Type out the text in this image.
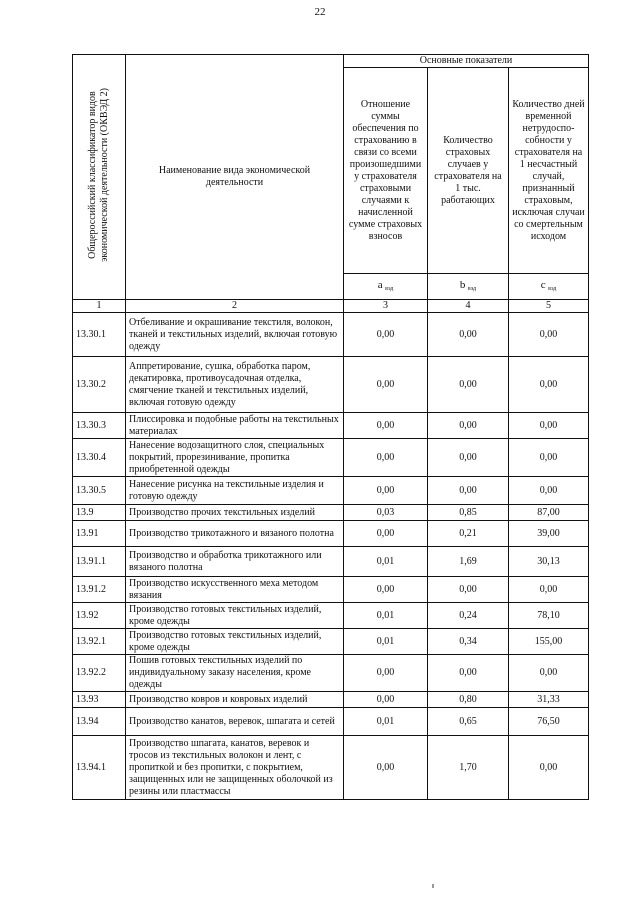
22
Общероссийский классификатор видов
экономической деятельности (ОКВЭД 2)	Наименование вида экономической деятельности	Основные показатели		
		Отношение суммы обеспечения по страхованию в связи со всеми произошедшими у страхователя страховыми случаями к начисленной сумме страховых взносов	Количество страховых случаев у страхователя на 1 тыс. работающих	Количество дней временной нетрудоспо-собности у страхователя на 1 несчастный случай, признанный страховым, исключая случаи со смертельным исходом
		a $_{вэд}$	b $_{вэд}$	c $_{вэд}$
1	2	3	4	5
13.30.1	Отбеливание и окрашивание текстиля, волокон, тканей и текстильных изделий, включая готовую одежду	0,00	0,00	0,00
13.30.2	Аппретирование, сушка, обработка паром, декатировка, противоусадочная отделка, смягчение тканей и текстильных изделий, включая готовую одежду	0,00	0,00	0,00
13.30.3	Плиссировка и подобные работы на текстильных материалах	0,00	0,00	0,00
13.30.4	Нанесение водозащитного слоя, специальных покрытий, прорезинивание, пропитка приобретенной одежды	0,00	0,00	0,00
13.30.5	Нанесение рисунка на текстильные изделия и готовую одежду	0,00	0,00	0,00
13.9	Производство прочих текстильных изделий	0,03	0,85	87,00
13.91	Производство трикотажного и вязаного полотна	0,00	0,21	39,00
13.91.1	Производство и обработка трикотажного или вязаного полотна	0,01	1,69	30,13
13.91.2	Производство искусственного меха методом вязания	0,00	0,00	0,00
13.92	Производство готовых текстильных изделий, кроме одежды	0,01	0,24	78,10
13.92.1	Производство готовых текстильных изделий, кроме одежды	0,01	0,34	155,00
13.92.2	Пошив готовых текстильных изделий по индивидуальному заказу населения, кроме одежды	0,00	0,00	0,00
13.93	Производство ковров и ковровых изделий	0,00	0,80	31,33
13.94	Производство канатов, веревок, шпагата и сетей	0,01	0,65	76,50
13.94.1	Производство шпагата, канатов, веревок и тросов из текстильных волокон и лент, с пропиткой и без пропитки, с покрытием, защищенных или не защищенных оболочкой из резины или пластмассы	0,00	1,70	0,00
